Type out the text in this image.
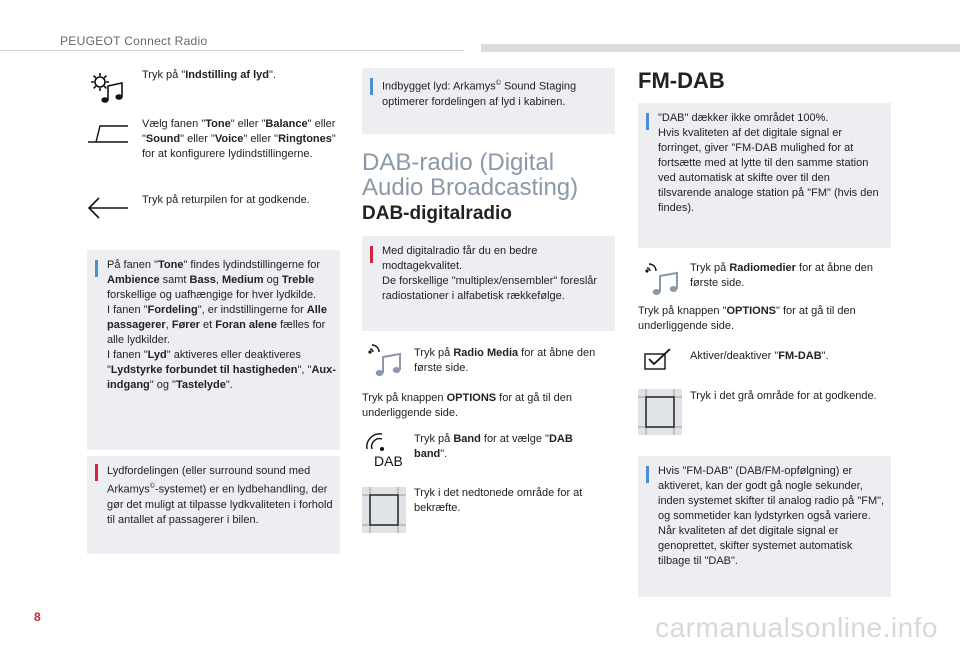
PEUGEOT Connect Radio
Tryk på "Indstilling af lyd".
Vælg fanen "Tone" eller "Balance" eller "Sound" eller "Voice" eller "Ringtones" for at konfigurere lydindstillingerne.
Tryk på returpilen for at godkende.
På fanen "Tone" findes lydindstillingerne for Ambience samt Bass, Medium og Treble forskellige og uafhængige for hver lydkilde.
I fanen "Fordeling", er indstillingerne for Alle passagerer, Fører et Foran alene fælles for alle lydkilder.
I fanen "Lyd" aktiveres eller deaktiveres "Lydstyrke forbundet til hastigheden", "Aux-indgang" og "Tastelyde".
Lydfordelingen (eller surround sound med Arkamys©-systemet) er en lydbehandling, der gør det muligt at tilpasse lydkvaliteten i forhold til antallet af passagerer i bilen.
Indbygget lyd: Arkamys© Sound Staging optimerer fordelingen af lyd i kabinen.
DAB-radio (Digital Audio Broadcasting)
DAB-digitalradio
Med digitalradio får du en bedre modtagekvalitet.
De forskellige "multiplex/ensembler" foreslår radiostationer i alfabetisk rækkefølge.
Tryk på Radio Media for at åbne den første side.
Tryk på knappen OPTIONS for at gå til den underliggende side.
DAB
Tryk på Band for at vælge "DAB band".
Tryk i det nedtonede område for at bekræfte.
FM-DAB
"DAB" dækker ikke området 100%.
Hvis kvaliteten af det digitale signal er forringet, giver "FM-DAB mulighed for at fortsætte med at lytte til den samme station ved automatisk at skifte over til den tilsvarende analoge station på "FM" (hvis den findes).
Tryk på Radiomedier for at åbne den første side.
Tryk på knappen "OPTIONS" for at gå til den underliggende side.
Aktiver/deaktiver "FM-DAB".
Tryk i det grå område for at godkende.
Hvis "FM-DAB" (DAB/FM-opfølgning) er aktiveret, kan der godt gå nogle sekunder, inden systemet skifter til analog radio på "FM", og sommetider kan lydstyrken også variere.
Når kvaliteten af det digitale signal er genoprettet, skifter systemet automatisk tilbage til "DAB".
8	carmanualsonline.info
